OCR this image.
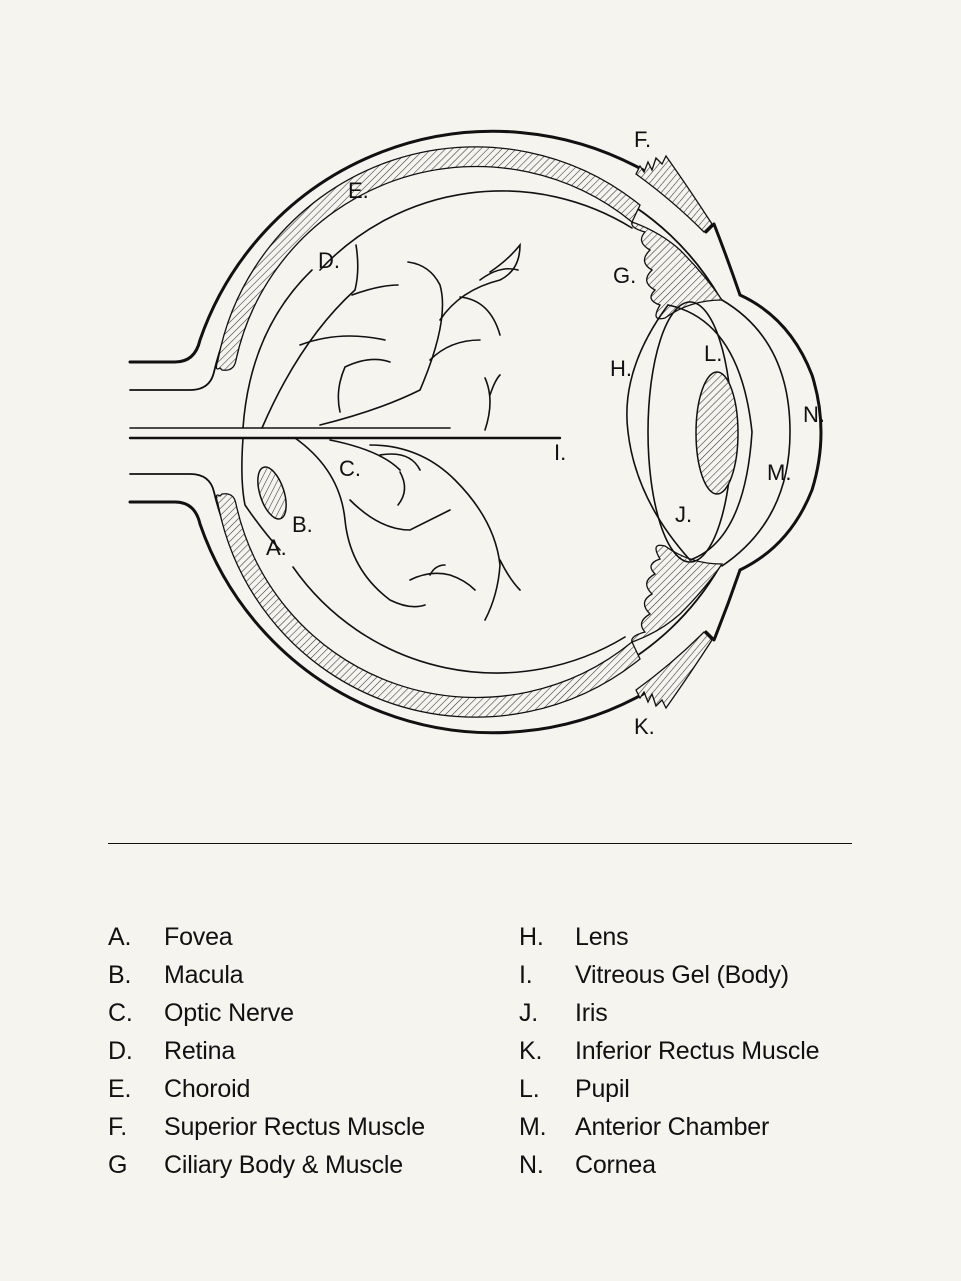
A.
B.
C.
D.
E.
F.
G.
H.
I.
J.
K.
L.
M.
N.
A.	Fovea
B.	Macula
C.	Optic Nerve
D.	Retina
E.	Choroid
F.	Superior Rectus Muscle
G	Ciliary Body & Muscle
H.	Lens
I.	Vitreous Gel (Body)
J.	Iris
K.	Inferior Rectus Muscle
L.	Pupil
M.	Anterior Chamber
N.	Cornea
